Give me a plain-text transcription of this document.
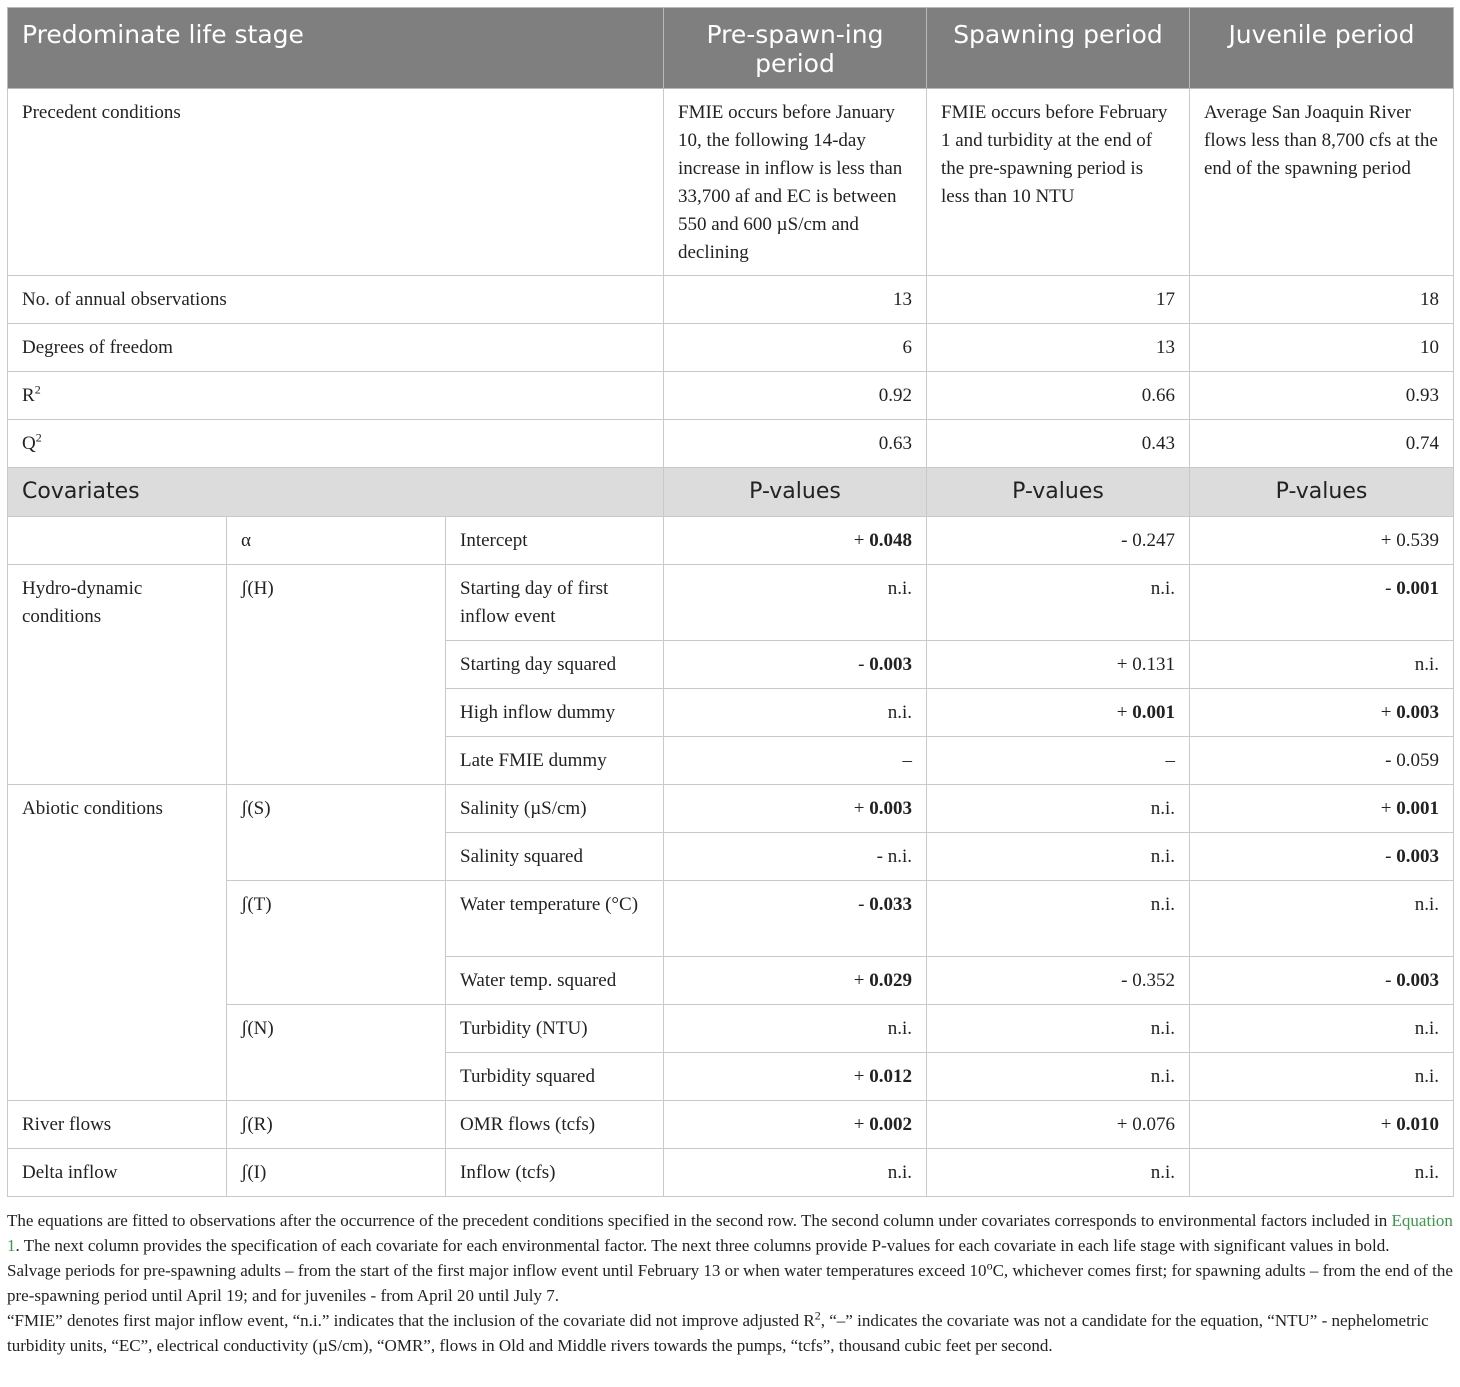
Predominate life stage			Pre-spawn-ing period	Spawning period	Juvenile period
Precedent conditions			FMIE occurs before January 10, the following 14-day increase in inflow is less than 33,700 af and EC is between 550 and 600 µS/cm and declining	FMIE occurs before February 1 and turbidity at the end of the pre-spawning period is less than 10 NTU	Average San Joaquin River flows less than 8,700 cfs at the end of the spawning period
No. of annual observations			13	17	18
Degrees of freedom			6	13	10
$R^2$			0.92	0.66	0.93
$Q^2$			0.63	0.43	0.74
Covariates			P-values	P-values	P-values
	α	Intercept	+ 0.048	- 0.247	+ 0.539
Hydro-dynamic conditions	ʃ(H)	Starting day of first inflow event	n.i.	n.i.	- 0.001
		Starting day squared	- 0.003	+ 0.131	n.i.
		High inflow dummy	n.i.	+ 0.001	+ 0.003
		Late FMIE dummy	–	–	- 0.059
Abiotic conditions	ʃ(S)	Salinity (µS/cm)	+ 0.003	n.i.	+ 0.001
		Salinity squared	- n.i.	n.i.	- 0.003
	ʃ(T)	Water temperature (°C)	- 0.033	n.i.	n.i.
		Water temp. squared	+ 0.029	- 0.352	- 0.003
	ʃ(N)	Turbidity (NTU)	n.i.	n.i.	n.i.
		Turbidity squared	+ 0.012	n.i.	n.i.
River flows	ʃ(R)	OMR flows (tcfs)	+ 0.002	+ 0.076	+ 0.010
Delta inflow	ʃ(I)	Inflow (tcfs)	n.i.	n.i.	n.i.

The equations are fitted to observations after the occurrence of the precedent conditions specified in the second row. The second column under covariates corresponds to environmental factors included in Equation 1. The next column provides the specification of each covariate for each environmental factor. The next three columns provide P-values for each covariate in each life stage with significant values in bold.

Salvage periods for pre-spawning adults – from the start of the first major inflow event until February 13 or when water temperatures exceed 10$^o$C, whichever comes first; for spawning adults – from the end of the pre-spawning period until April 19; and for juveniles - from April 20 until July 7.

“FMIE” denotes first major inflow event, “n.i.” indicates that the inclusion of the covariate did not improve adjusted $R^2$, “–” indicates the covariate was not a candidate for the equation, “NTU” - nephelometric turbidity units, “EC”, electrical conductivity (µS/cm), “OMR”, flows in Old and Middle rivers towards the pumps, “tcfs”, thousand cubic feet per second.
